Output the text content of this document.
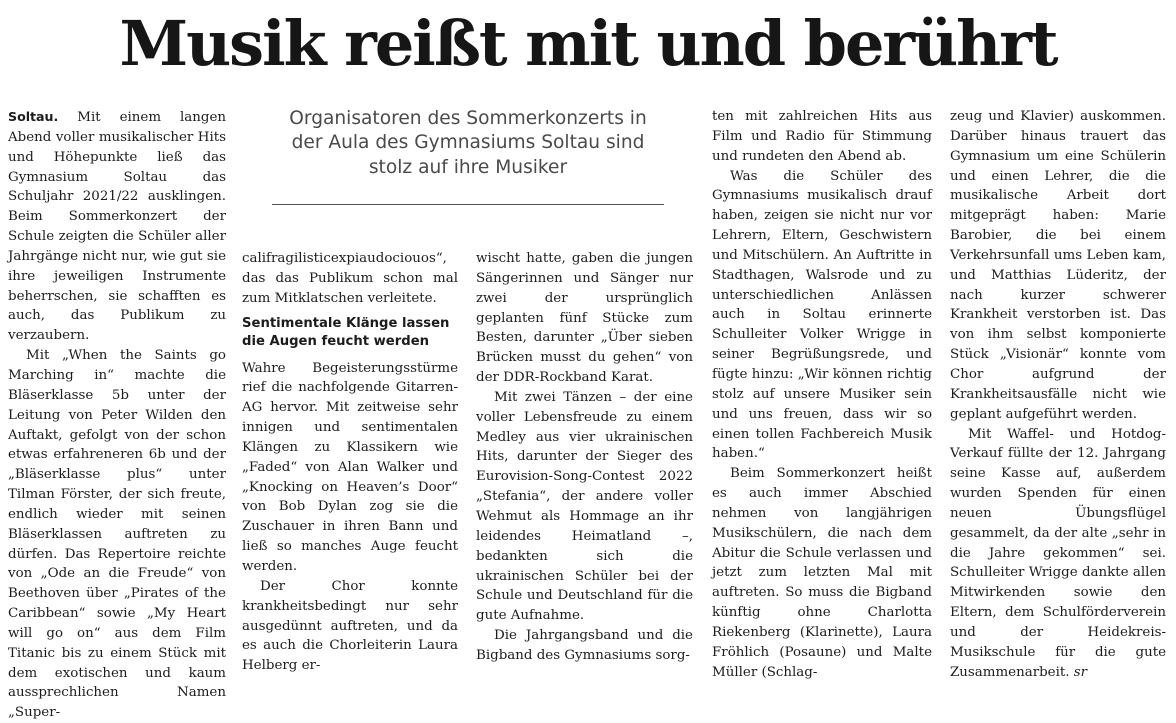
Musik reißt mit und berührt
Organisatoren des Sommerkonzerts in der Aula des Gymnasiums Soltau sind stolz auf ihre Musiker

Soltau. Mit einem langen Abend voller musikalischer Hits und Höhepunkte ließ das Gymnasium Soltau das Schuljahr 2021/22 ausklingen. Beim Sommerkonzert der Schule zeigten die Schüler aller Jahrgänge nicht nur, wie gut sie ihre jeweiligen Instrumente beherrschen, sie schafften es auch, das Publikum zu verzaubern.

Mit „When the Saints go Marching in“ machte die Bläserklasse 5b unter der Leitung von Peter Wilden den Auftakt, gefolgt von der schon etwas erfahreneren 6b und der „Bläserklasse plus“ unter Tilman Förster, der sich freute, endlich wieder mit seinen Bläserklassen auftreten zu dürfen. Das Repertoire reichte von „Ode an die Freude“ von Beethoven über „Pirates of the Caribbean“ sowie „My Heart will go on“ aus dem Film Titanic bis zu einem Stück mit dem exotischen und kaum aussprechlichen Namen „Super-

califragilisticexpiaudociouos“, das das Publikum schon mal zum Mitklatschen verleitete.

Sentimentale Klänge lassen die Augen feucht werden

Wahre Begeisterungsstürme rief die nachfolgende Gitarren-AG hervor. Mit zeitweise sehr innigen und sentimentalen Klängen zu Klassikern wie „Faded“ von Alan Walker und „Knocking on Heaven’s Door“ von Bob Dylan zog sie die Zuschauer in ihren Bann und ließ so manches Auge feucht werden.

Der Chor konnte krankheitsbedingt nur sehr ausgedünnt auftreten, und da es auch die Chorleiterin Laura Helberg er-

wischt hatte, gaben die jungen Sängerinnen und Sänger nur zwei der ursprünglich geplanten fünf Stücke zum Besten, darunter „Über sieben Brücken musst du gehen“ von der DDR-Rockband Karat.

Mit zwei Tänzen – der eine voller Lebensfreude zu einem Medley aus vier ukrainischen Hits, darunter der Sieger des Eurovision-Song-Contest 2022 „Stefania“, der andere voller Wehmut als Hommage an ihr leidendes Heimatland –, bedankten sich die ukrainischen Schüler bei der Schule und Deutschland für die gute Aufnahme.

Die Jahrgangsband und die Bigband des Gymnasiums sorg-

ten mit zahlreichen Hits aus Film und Radio für Stimmung und rundeten den Abend ab.

Was die Schüler des Gymnasiums musikalisch drauf haben, zeigen sie nicht nur vor Lehrern, Eltern, Geschwistern und Mitschülern. An Auftritte in Stadthagen, Walsrode und zu unterschiedlichen Anlässen auch in Soltau erinnerte Schulleiter Volker Wrigge in seiner Begrüßungsrede, und fügte hinzu: „Wir können richtig stolz auf unsere Musiker sein und uns freuen, dass wir so einen tollen Fachbereich Musik haben.“

Beim Sommerkonzert heißt es auch immer Abschied nehmen von langjährigen Musikschülern, die nach dem Abitur die Schule verlassen und jetzt zum letzten Mal mit auftreten. So muss die Bigband künftig ohne Charlotta Riekenberg (Klarinette), Laura Fröhlich (Posaune) und Malte Müller (Schlag-

zeug und Klavier) auskommen. Darüber hinaus trauert das Gymnasium um eine Schülerin und einen Lehrer, die die musikalische Arbeit dort mitgeprägt haben: Marie Barobier, die bei einem Verkehrsunfall ums Leben kam, und Matthias Lüderitz, der nach kurzer schwerer Krankheit verstorben ist. Das von ihm selbst komponierte Stück „Visionär“ konnte vom Chor aufgrund der Krankheitsausfälle nicht wie geplant aufgeführt werden.

Mit Waffel- und Hotdog-Verkauf füllte der 12. Jahrgang seine Kasse auf, außerdem wurden Spenden für einen neuen Übungsflügel gesammelt, da der alte „sehr in die Jahre gekommen“ sei. Schulleiter Wrigge dankte allen Mitwirkenden sowie den Eltern, dem Schulförderverein und der Heidekreis-Musikschule für die gute Zusammenarbeit. sr
